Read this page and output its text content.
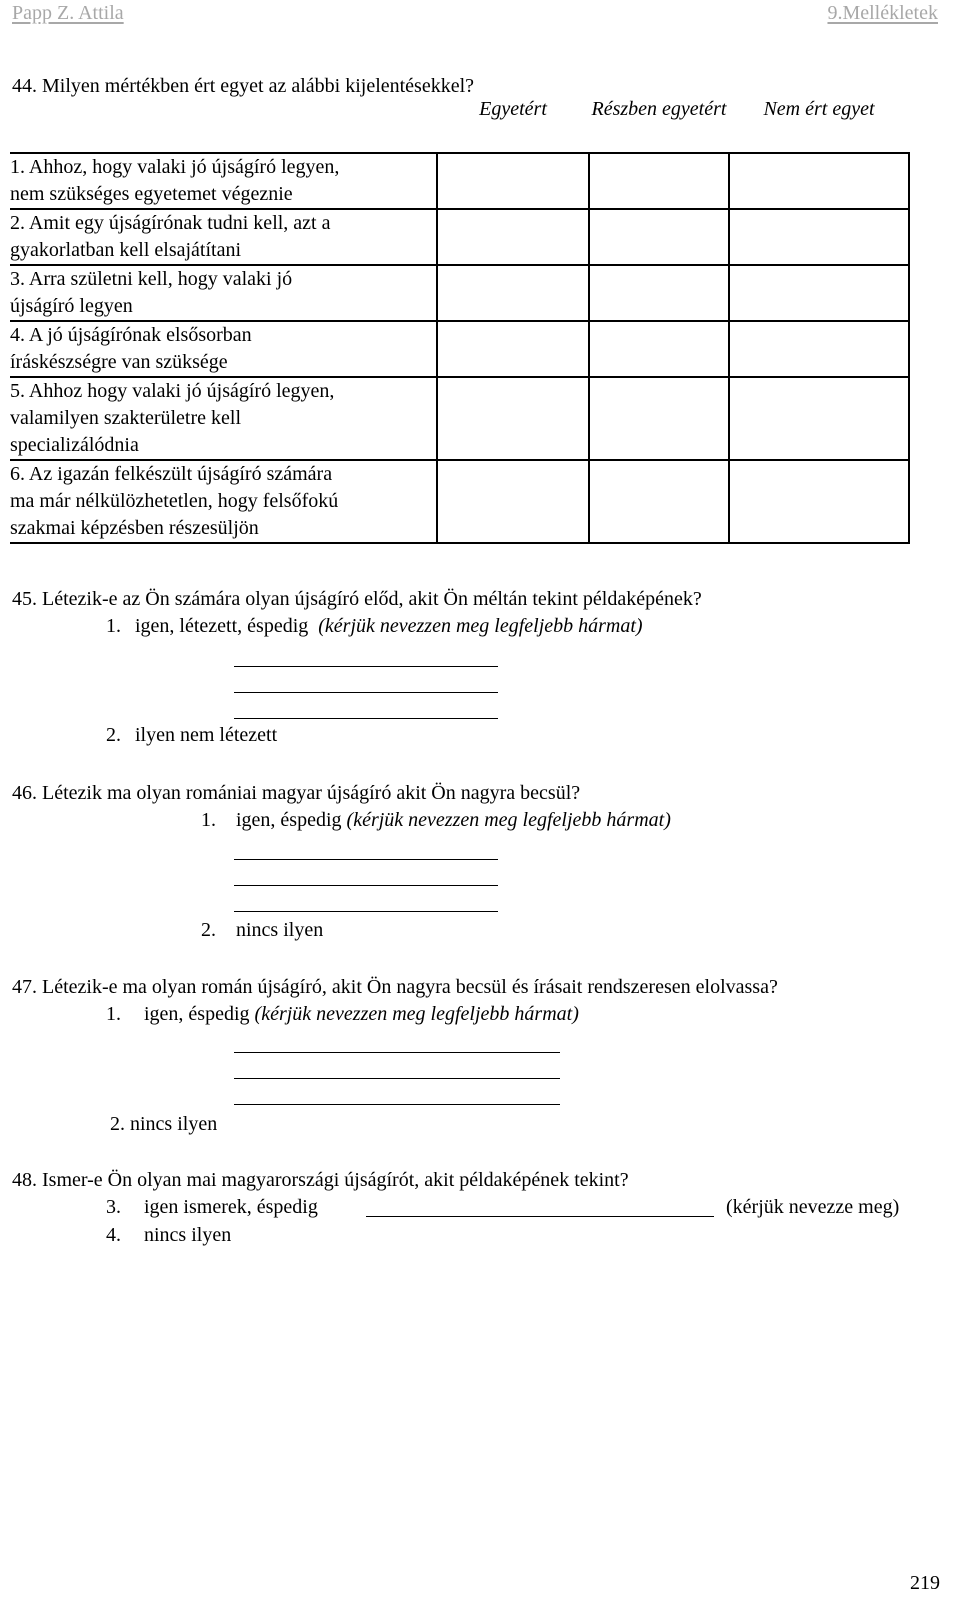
Papp Z. Attila	9.Mellékletek
44. Milyen mértékben ért egyet az alábbi kijelentésekkel?
	Egyetért	Részben egyetért	Nem ért egyet

1. Ahhoz, hogy valaki jó újságíró legyen,
nem szükséges egyetemet végeznie			

2. Amit egy újságírónak tudni kell, azt a
gyakorlatban kell elsajátítani			

3. Arra születni kell, hogy valaki jó
újságíró legyen			

4. A jó újságírónak elsősorban
íráskészségre van szüksége			

5. Ahhoz hogy valaki jó újságíró legyen,
valamilyen szakterületre kell
specializálódnia			

6. Az igazán felkészült újságíró számára
ma már nélkülözhetetlen, hogy felsőfokú
szakmai képzésben részesüljön			

45. Létezik-e az Ön számára olyan újságíró előd, akit Ön méltán tekint példaképének?
1. igen, létezett, éspedig (kérjük nevezzen meg legfeljebb hármat)
2. ilyen nem létezett
46. Létezik ma olyan romániai magyar újságíró akit Ön nagyra becsül?
1. igen, éspedig (kérjük nevezzen meg legfeljebb hármat)
2. nincs ilyen
47. Létezik-e ma olyan román újságíró, akit Ön nagyra becsül és írásait rendszeresen elolvassa?
1. igen, éspedig (kérjük nevezzen meg legfeljebb hármat)
2. nincs ilyen
48. Ismer-e Ön olyan mai magyarországi újságírót, akit példaképének tekint?
3. igen ismerek, éspedig	(kérjük nevezze meg)
4. nincs ilyen
219
